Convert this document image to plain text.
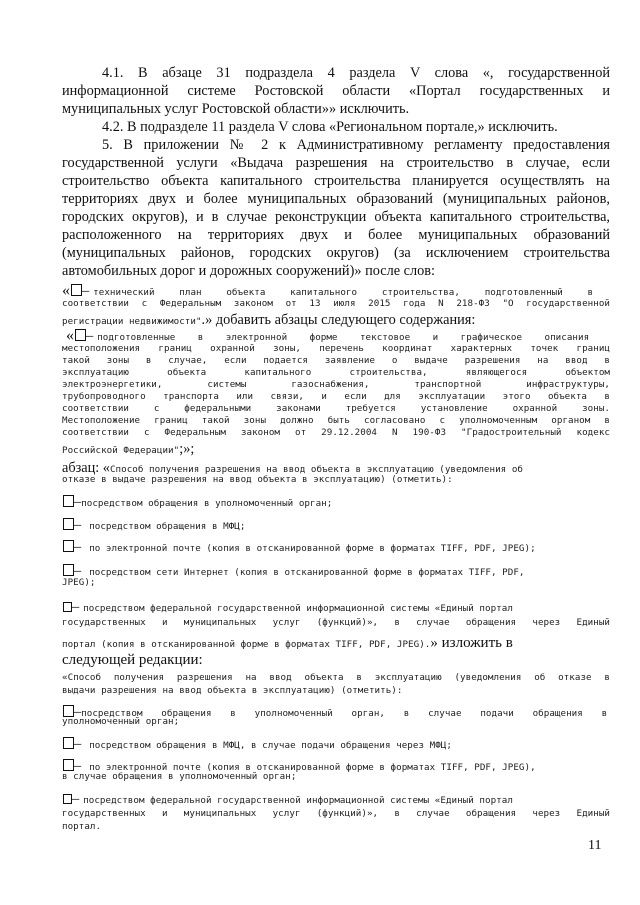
4.1. В абзаце 31 подраздела 4 раздела V слова «, государственной
информационной системе Ростовской области «Портал государственных и
муниципальных услуг Ростовской области»» исключить.
4.2. В подразделе 11 раздела V слова «Региональном портале,» исключить.
5. В приложении № 2 к Административному регламенту предоставления
государственной услуги «Выдача разрешения на строительство в случае, если
строительство объекта капитального строительства планируется осуществлять на
территориях двух и более муниципальных образований (муниципальных районов,
городских округов), и в случае реконструкции объекта капитального строительства,
расположенного на территориях двух и более муниципальных образований
(муниципальных районов, городских округов) (за исключением строительства
автомобильных дорог и дорожных сооружений)» после слов:
« – технический план объекта капитального строительства, подготовленный в
соответствии с Федеральным законом от 13 июля 2015 года N 218-ФЗ "О государственной
регистрации недвижимости".» добавить абзацы следующего содержания:
« – подготовленные в электронной форме текстовое и графическое описания
местоположения границ охранной зоны, перечень координат характерных точек границ
такой зоны в случае, если подается заявление о выдаче разрешения на ввод в
эксплуатацию объекта капитального строительства, являющегося объектом
электроэнергетики, системы газоснабжения, транспортной инфраструктуры,
трубопроводного транспорта или связи, и если для эксплуатации этого объекта в
соответствии с федеральными законами требуется установление охранной зоны.
Местоположение границ такой зоны должно быть согласовано с уполномоченным органом в
соответствии с Федеральным законом от 29.12.2004 N 190-ФЗ "Градостроительный кодекс
Российской Федерации";»;
абзац: «Способ получения разрешения на ввод объекта в эксплуатацию (уведомления об
отказе в выдаче разрешения на ввод объекта в эксплуатацию) (отметить):
–посредством обращения в уполномоченный орган;
– посредством обращения в МФЦ;
– по электронной почте (копия в отсканированной форме в форматах TIFF, PDF, JPEG);
– посредством сети Интернет (копия в отсканированной форме в форматах TIFF, PDF,
JPEG);
– посредством федеральной государственной информационной системы «Единый портал
государственных и муниципальных услуг (функций)», в случае обращения через Единый
портал (копия в отсканированной форме в форматах TIFF, PDF, JPEG).» изложить в
следующей редакции:
«Способ получения разрешения на ввод объекта в эксплуатацию (уведомления об отказе в
выдачи разрешения на ввод объекта в эксплуатацию) (отметить):
–посредством обращения в уполномоченный орган, в случае подачи обращения в
уполномоченный орган;
– посредством обращения в МФЦ, в случае подачи обращения через МФЦ;
– по электронной почте (копия в отсканированной форме в форматах TIFF, PDF, JPEG),
в случае обращения в уполномоченный орган;
– посредством федеральной государственной информационной системы «Единый портал
государственных и муниципальных услуг (функций)», в случае обращения через Единый
портал.
11
